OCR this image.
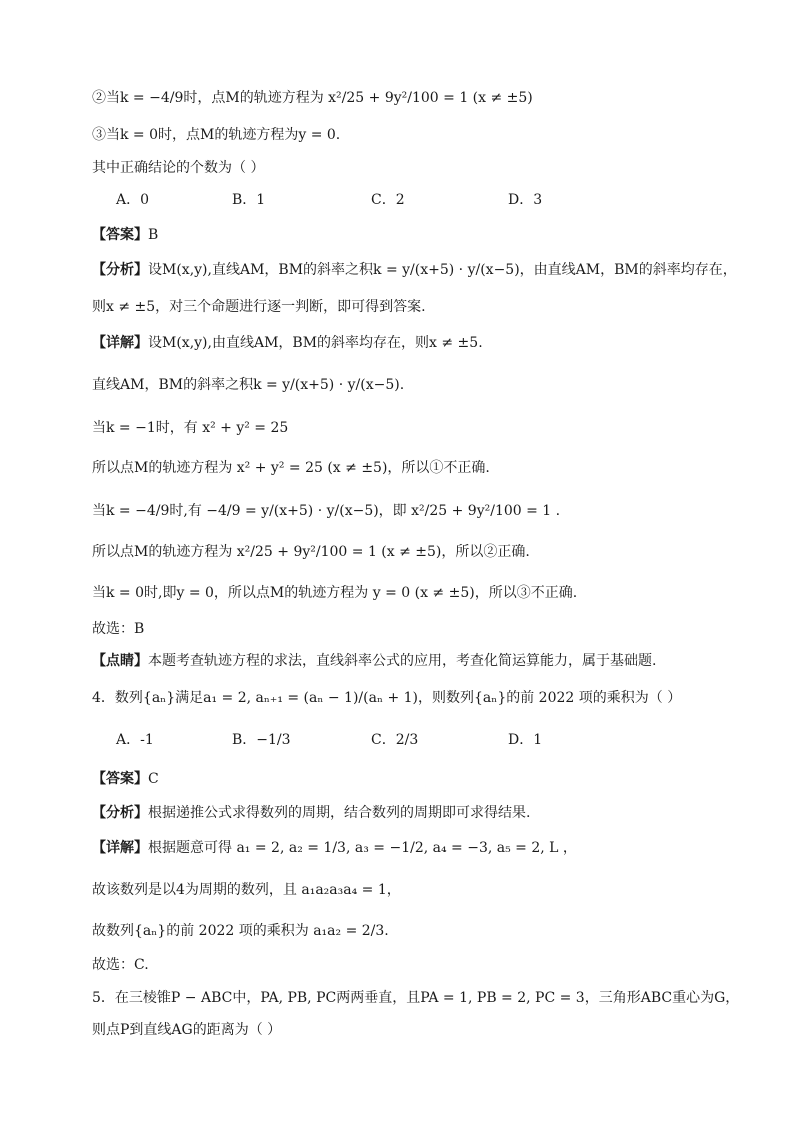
②当k = −4/9时，点M的轨迹方程为 x²/25 + 9y²/100 = 1 (x ≠ ±5)
③当k = 0时，点M的轨迹方程为y = 0.
其中正确结论的个数为（ ）
A．0	B．1	C．2	D．3
【答案】B
【分析】设M(x,y),直线AM，BM的斜率之积k = y/(x+5) · y/(x−5)，由直线AM，BM的斜率均存在，
则x ≠ ±5，对三个命题进行逐一判断，即可得到答案.
【详解】设M(x,y),由直线AM，BM的斜率均存在，则x ≠ ±5.
直线AM，BM的斜率之积k = y/(x+5) · y/(x−5).
当k = −1时，有 x² + y² = 25
所以点M的轨迹方程为 x² + y² = 25 (x ≠ ±5)，所以①不正确.
当k = −4/9时,有 −4/9 = y/(x+5) · y/(x−5)，即 x²/25 + 9y²/100 = 1 .
所以点M的轨迹方程为 x²/25 + 9y²/100 = 1 (x ≠ ±5)，所以②正确.
当k = 0时,即y = 0，所以点M的轨迹方程为 y = 0 (x ≠ ±5)，所以③不正确.
故选：B
【点睛】本题考查轨迹方程的求法，直线斜率公式的应用，考查化简运算能力，属于基础题.
4．数列{aₙ}满足a₁ = 2, aₙ₊₁ = (aₙ − 1)/(aₙ + 1)，则数列{aₙ}的前 2022 项的乘积为（ ）
A．-1	B．−1/3	C．2/3	D．1
【答案】C
【分析】根据递推公式求得数列的周期，结合数列的周期即可求得结果.
【详解】根据题意可得 a₁ = 2, a₂ = 1/3, a₃ = −1/2, a₄ = −3, a₅ = 2, L ，
故该数列是以4为周期的数列，且 a₁a₂a₃a₄ = 1，
故数列{aₙ}的前 2022 项的乘积为 a₁a₂ = 2/3.
故选：C.
5．在三棱锥P − ABC中，PA, PB, PC两两垂直，且PA = 1, PB = 2, PC = 3，三角形ABC重心为G，
则点P到直线AG的距离为（ ）
